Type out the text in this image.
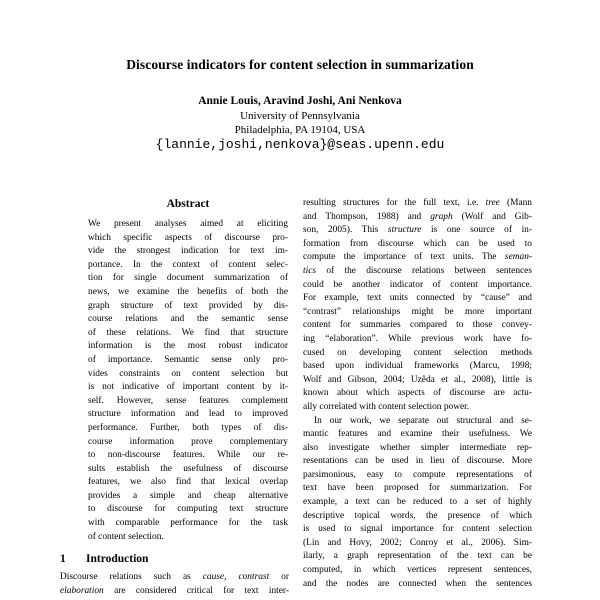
Discourse indicators for content selection in summarization
Annie Louis, Aravind Joshi, Ani Nenkova
University of Pennsylvania
Philadelphia, PA 19104, USA
{lannie,joshi,nenkova}@seas.upenn.edu
Abstract
We present analyses aimed at eliciting
which specific aspects of discourse pro-
vide the strongest indication for text im-
portance. In the context of content selec-
tion for single document summarization of
news, we examine the benefits of both the
graph structure of text provided by dis-
course relations and the semantic sense
of these relations. We find that structure
information is the most robust indicator
of importance. Semantic sense only pro-
vides constraints on content selection but
is not indicative of important content by it-
self. However, sense features complement
structure information and lead to improved
performance. Further, both types of dis-
course information prove complementary
to non-discourse features. While our re-
sults establish the usefulness of discourse
features, we also find that lexical overlap
provides a simple and cheap alternative
to discourse for computing text structure
with comparable performance for the task
of content selection.
1 Introduction
Discourse relations such as cause, contrast or
elaboration are considered critical for text inter-
resulting structures for the full text, i.e. tree (Mann
and Thompson, 1988) and graph (Wolf and Gib-
son, 2005). This structure is one source of in-
formation from discourse which can be used to
compute the importance of text units. The seman-
tics of the discourse relations between sentences
could be another indicator of content importance.
For example, text units connected by “cause” and
“contrast” relationships might be more important
content for summaries compared to those convey-
ing “elaboration”. While previous work have fo-
cused on developing content selection methods
based upon individual frameworks (Marcu, 1998;
Wolf and Gibson, 2004; Uzêda et al., 2008), little is
known about which aspects of discourse are actu-
ally correlated with content selection power.
In our work, we separate out structural and se-
mantic features and examine their usefulness. We
also investigate whether simpler intermediate rep-
resentations can be used in lieu of discourse. More
parsimonious, easy to compute representations of
text have been proposed for summarization. For
example, a text can be reduced to a set of highly
descriptive topical words, the presence of which
is used to signal importance for content selection
(Lin and Hovy, 2002; Conroy et al., 2006). Sim-
ilarly, a graph representation of the text can be
computed, in which vertices represent sentences,
and the nodes are connected when the sentences
